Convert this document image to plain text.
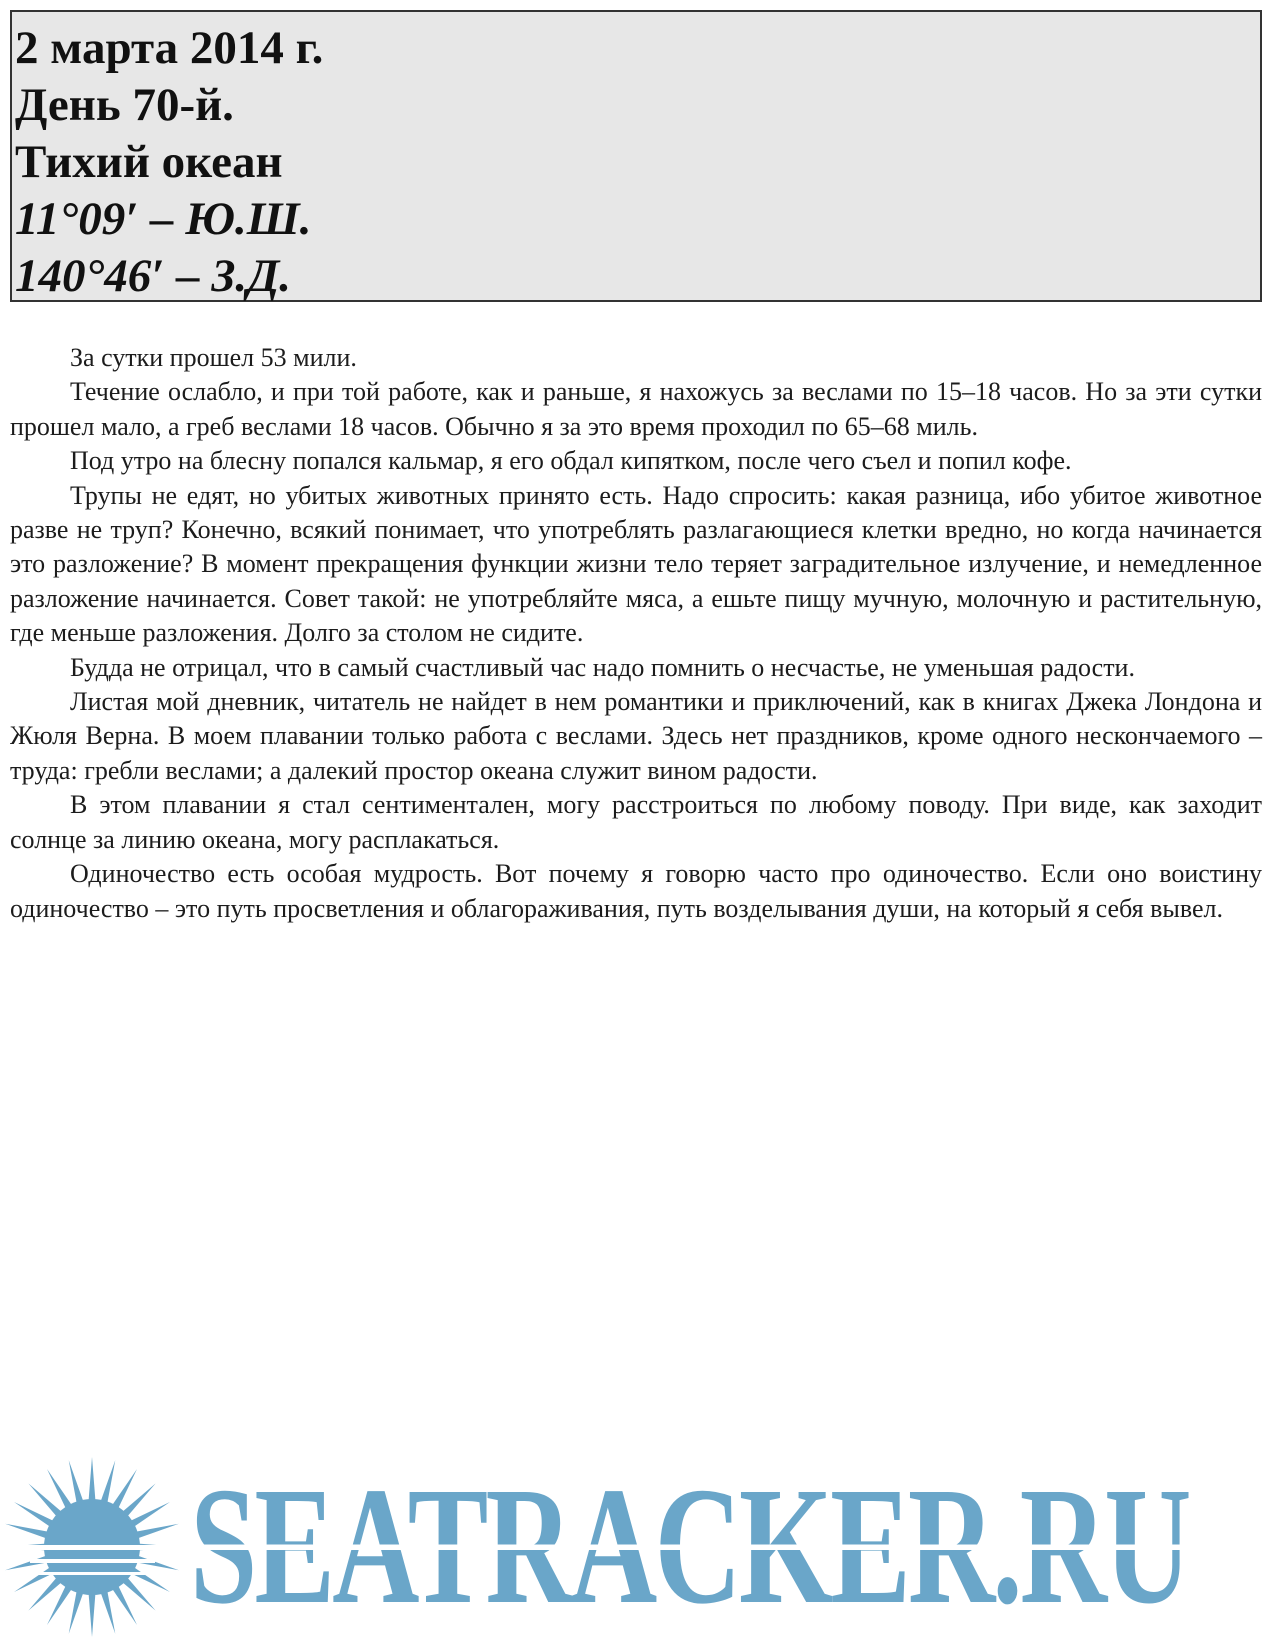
2 марта 2014 г.
День 70-й.
Тихий океан
11°09′ – Ю.Ш.
140°46′ – З.Д.

За сутки прошел 53 мили.

Течение ослабло, и при той работе, как и раньше, я нахожусь за веслами по 15–18 часов. Но за эти сутки прошел мало, а греб веслами 18 часов. Обычно я за это время проходил по 65–68 миль.

Под утро на блесну попался кальмар, я его обдал кипятком, после чего съел и попил кофе.

Трупы не едят, но убитых животных принято есть. Надо спросить: какая разница, ибо убитое животное разве не труп? Конечно, всякий понимает, что употреблять разлагающиеся клетки вредно, но когда начинается это разложение? В момент прекращения функции жизни тело теряет заградительное излучение, и немедленное разложение начинается. Совет такой: не употребляйте мяса, а ешьте пищу мучную, молочную и растительную, где меньше разложения. Долго за столом не сидите.

Будда не отрицал, что в самый счастливый час надо помнить о несчастье, не уменьшая радости.

Листая мой дневник, читатель не найдет в нем романтики и приключений, как в книгах Джека Лондона и Жюля Верна. В моем плавании только работа с веслами. Здесь нет праздников, кроме одного нескончаемого – труда: гребли веслами; а далекий простор океана служит вином радости.

В этом плавании я стал сентиментален, могу расстроиться по любому поводу. При виде, как заходит солнце за линию океана, могу расплакаться.

Одиночество есть особая мудрость. Вот почему я говорю часто про одиночество. Если оно воистину одиночество – это путь просветления и облагораживания, путь возделывания души, на который я себя вывел.

SEATRACKER.RU
